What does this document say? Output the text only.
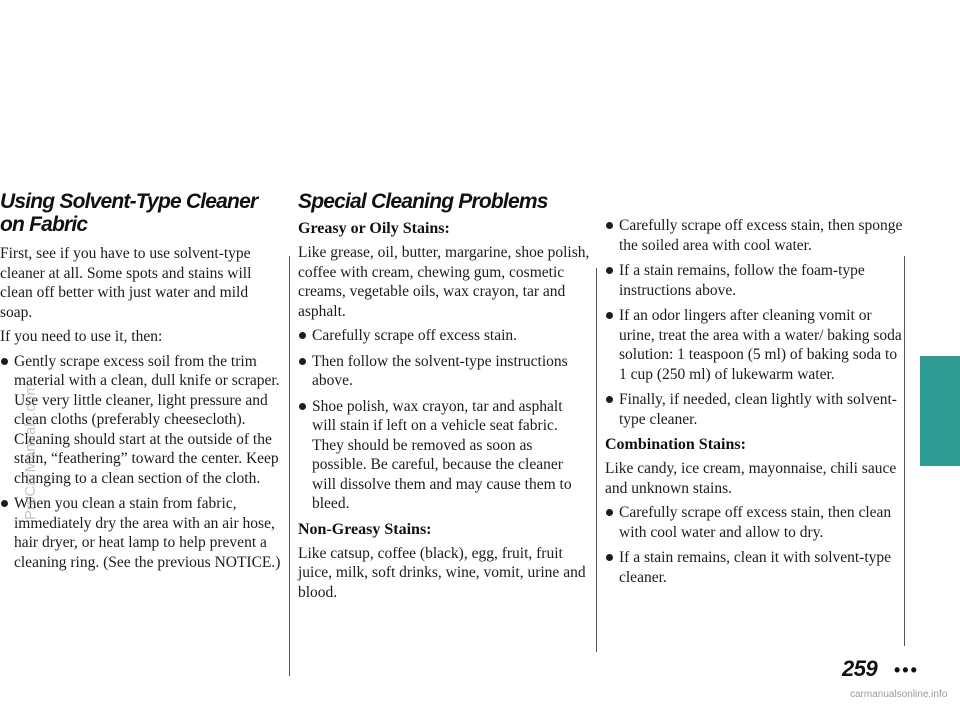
Using Solvent-Type Cleaner on Fabric

First, see if you have to use solvent-type cleaner at all. Some spots and stains will clean off better with just water and mild soap.

If you need to use it, then:

Gently scrape excess soil from the trim material with a clean, dull knife or scraper. Use very little cleaner, light pressure and clean cloths (preferably cheesecloth). Cleaning should start at the outside of the stain, “feathering” toward the center. Keep changing to a clean section of the cloth.
When you clean a stain from fabric, immediately dry the area with an air hose, hair dryer, or heat lamp to help prevent a cleaning ring. (See the previous NOTICE.)
Special Cleaning Problems
Greasy or Oily Stains:

Like grease, oil, butter, margarine, shoe polish, coffee with cream, chewing gum, cosmetic creams, vegetable oils, wax crayon, tar and asphalt.

Carefully scrape off excess stain.
Then follow the solvent-type instructions above.
Shoe polish, wax crayon, tar and asphalt will stain if left on a vehicle seat fabric. They should be removed as soon as possible. Be careful, because the cleaner will dissolve them and may cause them to bleed.
Non-Greasy Stains:

Like catsup, coffee (black), egg, fruit, fruit juice, milk, soft drinks, wine, vomit, urine and blood.

Carefully scrape off excess stain, then sponge the soiled area with cool water.
If a stain remains, follow the foam-type instructions above.
If an odor lingers after cleaning vomit or urine, treat the area with a water/ baking soda solution: 1 teaspoon (5 ml) of baking soda to 1 cup (250 ml) of lukewarm water.
Finally, if needed, clean lightly with solvent-type cleaner.
Combination Stains:

Like candy, ice cream, mayonnaise, chili sauce and unknown stains.

Carefully scrape off excess stain, then clean with cool water and allow to dry.
If a stain remains, clean it with solvent-type cleaner.
259 •••
carmanualsonline.info
ProCarManuals.com
